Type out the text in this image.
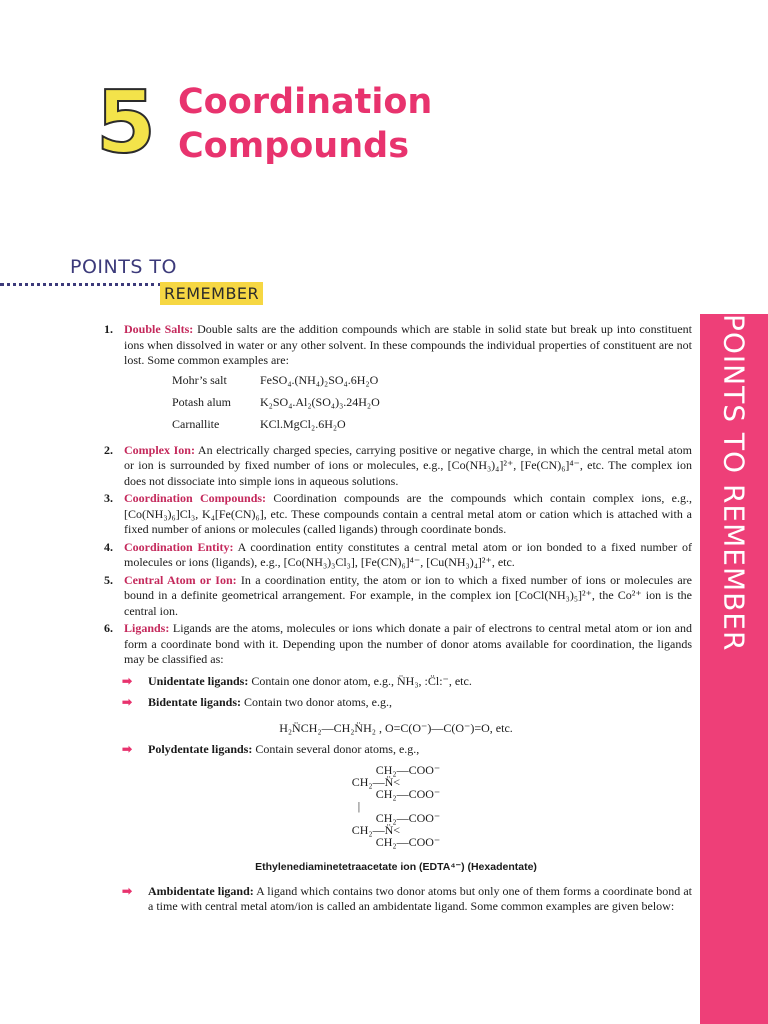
5 Coordination
Compounds
POINTS TO
REMEMBER
POINTS TO REMEMBER
1. Double Salts: Double salts are the addition compounds which are stable in solid state but break up into constituent ions when dissolved in water or any other solvent. In these compounds the individual properties of constituent are not lost. Some common examples are:
Mohr’s salt	FeSO₄.(NH₄)₂SO₄.6H₂O
Potash alum	K₂SO₄.Al₂(SO₄)₃.24H₂O
Carnallite	KCl.MgCl₂.6H₂O
2. Complex Ion: An electrically charged species, carrying positive or negative charge, in which the central metal atom or ion is surrounded by fixed number of ions or molecules, e.g., [Co(NH₃)₄]²⁺, [Fe(CN)₆]⁴⁻, etc. The complex ion does not dissociate into simple ions in aqueous solutions.
3. Coordination Compounds: Coordination compounds are the compounds which contain complex ions, e.g., [Co(NH₃)₆]Cl₃, K₄[Fe(CN)₆], etc. These compounds contain a central metal atom or cation which is attached with a fixed number of anions or molecules (called ligands) through coordinate bonds.
4. Coordination Entity: A coordination entity constitutes a central metal atom or ion bonded to a fixed number of molecules or ions (ligands), e.g., [Co(NH₃)₃Cl₃], [Fe(CN)₆]⁴⁻, [Cu(NH₃)₄]²⁺, etc.
5. Central Atom or Ion: In a coordination entity, the atom or ion to which a fixed number of ions or molecules are bound in a definite geometrical arrangement. For example, in the complex ion [CoCl(NH₃)₅]²⁺, the Co²⁺ ion is the central ion.
6. Ligands: Ligands are the atoms, molecules or ions which donate a pair of electrons to central metal atom or ion and form a coordinate bond with it. Depending upon the number of donor atoms available for coordination, the ligands may be classified as:
➡ Unidentate ligands: Contain one donor atom, e.g., N̈H₃, :C̈l:⁻, etc.
➡ Bidentate ligands: Contain two donor atoms, e.g.,
H₂N̈CH₂—CH₂N̈H₂ , O=C(O⁻)—C(O⁻)=O, etc.
➡ Polydentate ligands: Contain several donor atoms, e.g.,
CH₂—COO⁻
CH₂—N̈<
CH₂—COO⁻
|
CH₂—COO⁻
CH₂—N̈<
CH₂—COO⁻
Ethylenediaminetetraacetate ion (EDTA⁴⁻) (Hexadentate)
➡ Ambidentate ligand: A ligand which contains two donor atoms but only one of them forms a coordinate bond at a time with central metal atom/ion is called an ambidentate ligand. Some common examples are given below:
